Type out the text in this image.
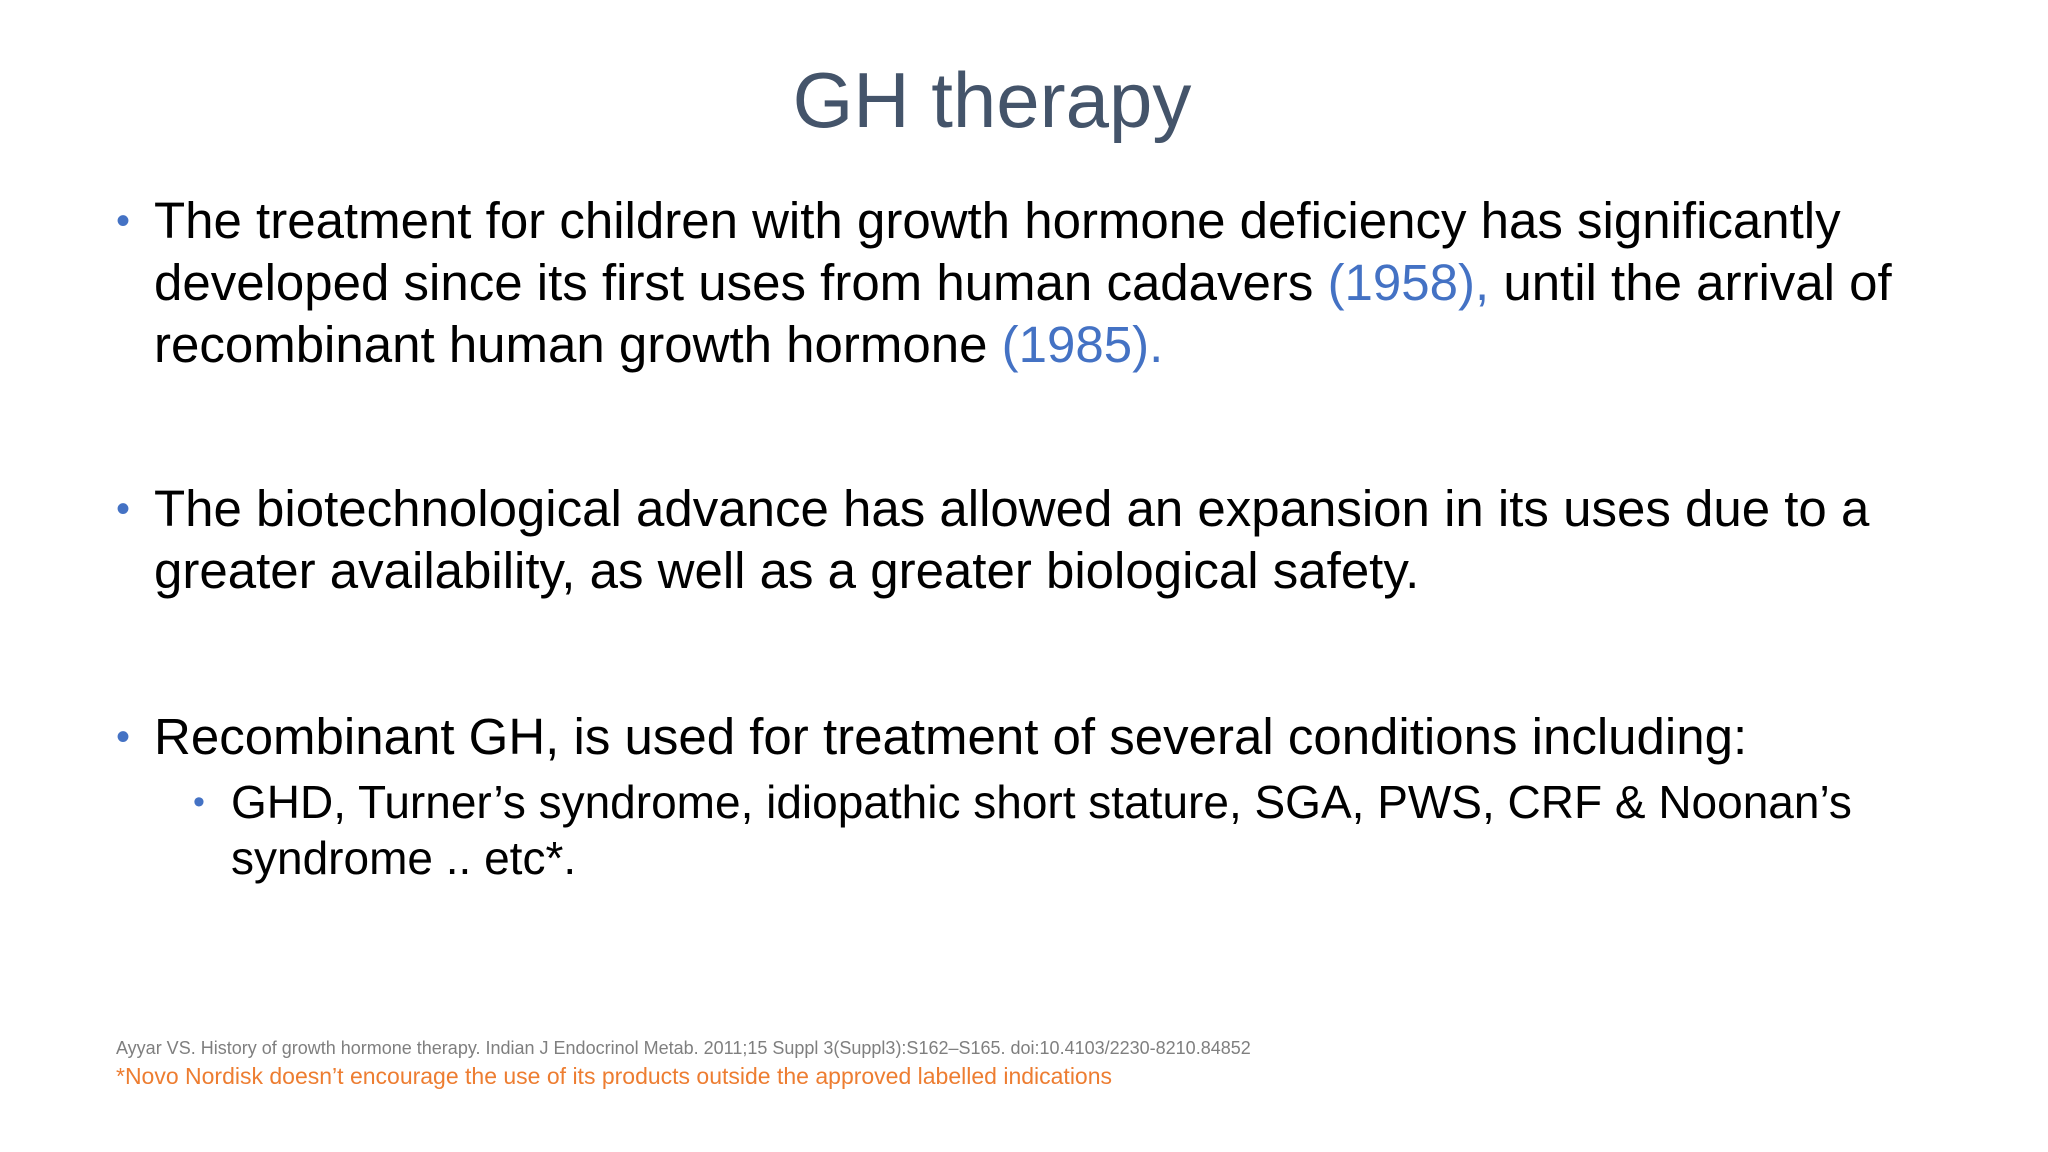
GH therapy
• The treatment for children with growth hormone deficiency has significantly developed since its first uses from human cadavers (1958), until the arrival of recombinant human growth hormone (1985).
• The biotechnological advance has allowed an expansion in its uses due to a greater availability, as well as a greater biological safety.
• Recombinant GH, is used for treatment of several conditions including:
• GHD, Turner’s syndrome, idiopathic short stature, SGA, PWS, CRF & Noonan’s syndrome .. etc*.
Ayyar VS. History of growth hormone therapy. Indian J Endocrinol Metab. 2011;15 Suppl 3(Suppl3):S162–S165. doi:10.4103/2230-8210.84852
*Novo Nordisk doesn’t encourage the use of its products outside the approved labelled indications
